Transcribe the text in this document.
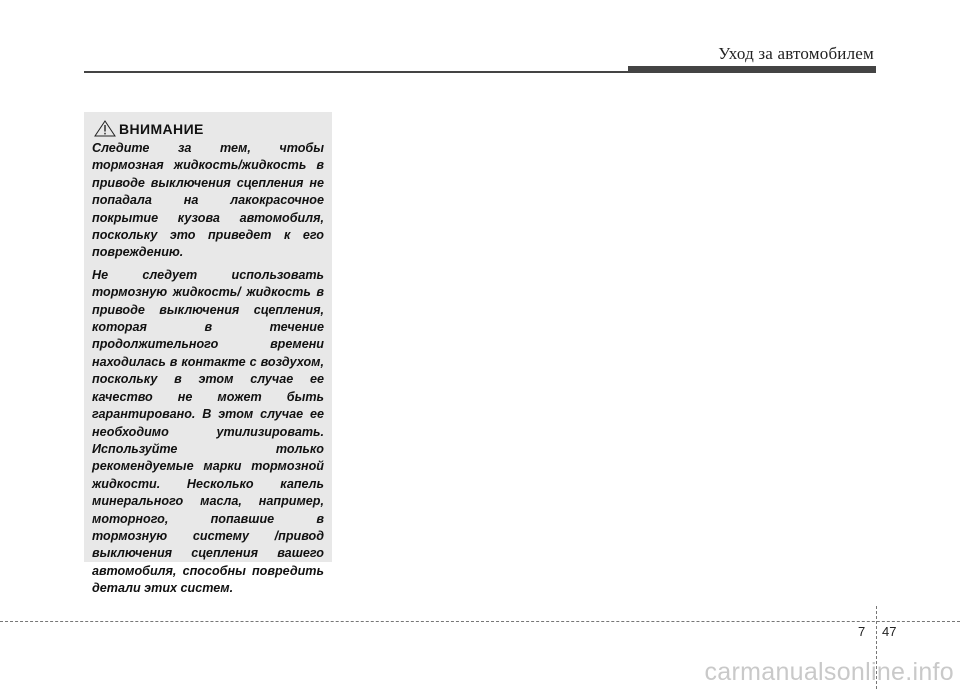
Уход за автомобилем
ВНИМАНИЕ

Следите за тем, чтобы тормозная жидкость/жидкость в приводе выключения сцепления не попадала на лакокрасочное покрытие кузова автомобиля, поскольку это приведет к его повреждению.

Не следует использовать тормозную жидкость/ жидкость в приводе выключения сцепления, которая в течение продолжительного времени находилась в контакте с воздухом, поскольку в этом случае ее качество не может быть гарантировано. В этом случае ее необходимо утилизировать. Используйте только рекомендуемые марки тормозной жидкости. Несколько капель минерального масла, например, моторного, попавшие в тормозную систему /привод выключения сцепления вашего автомобиля, способны повредить детали этих систем.

7 47
carmanualsonline.info
